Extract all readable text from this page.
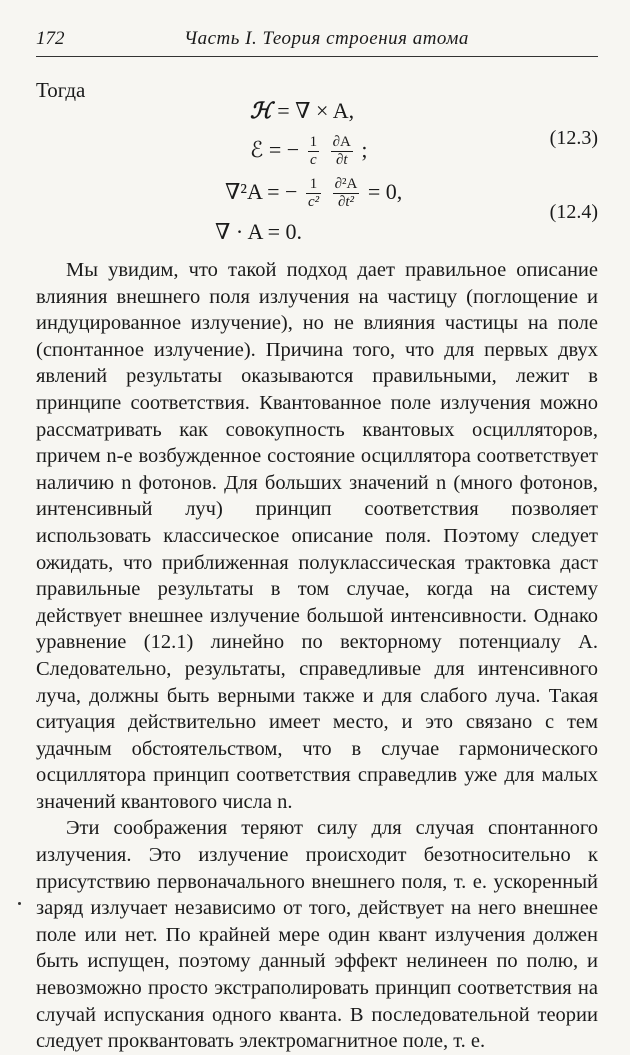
172	Часть I. Теория строения атома
Тогда
ℋ = ∇ × A,
ℰ = − $\frac{1}{c}$
$\frac{\partial A}{\partial t}$ ;	(12.3)
∇²A = − $\frac{1}{\text{c²}}$
$\frac{\text{∂²A}}{\text{∂t²}} = 0$,
(12.4)
∇ · A = 0.

Мы увидим, что такой подход дает правильное описание влияния внешнего поля излучения на частицу (поглощение и индуцированное излучение), но не влияния частицы на поле (спонтанное излучение). Причина того, что для первых двух явлений результаты оказываются правильными, лежит в принципе соответствия. Квантованное поле излучения можно рассматривать как совокупность квантовых осцилляторов, причем n-е возбужденное состояние осциллятора соответствует наличию n фотонов. Для больших значений n (много фотонов, интенсивный луч) принцип соответствия позволяет использовать классическое описание поля. Поэтому следует ожидать, что приближенная полуклассическая трактовка даст правильные результаты в том случае, когда на систему действует внешнее излучение большой интенсивности. Однако уравнение (12.1) линейно по векторному потенциалу A. Следовательно, результаты, справедливые для интенсивного луча, должны быть верными также и для слабого луча. Такая ситуация действительно имеет место, и это связано с тем удачным обстоятельством, что в случае гармонического осциллятора принцип соответствия справедлив уже для малых значений квантового числа n.

Эти соображения теряют силу для случая спонтанного излучения. Это излучение происходит безотносительно к присутствию первоначального внешнего поля, т. е. ускоренный заряд излучает независимо от того, действует на него внешнее поле или нет. По крайней мере один квант излучения должен быть испущен, поэтому данный эффект нелинеен по полю, и невозможно просто экстраполировать принцип соответствия на случай испускания одного кванта. В последовательной теории следует проквантовать электромагнитное поле, т. е.
